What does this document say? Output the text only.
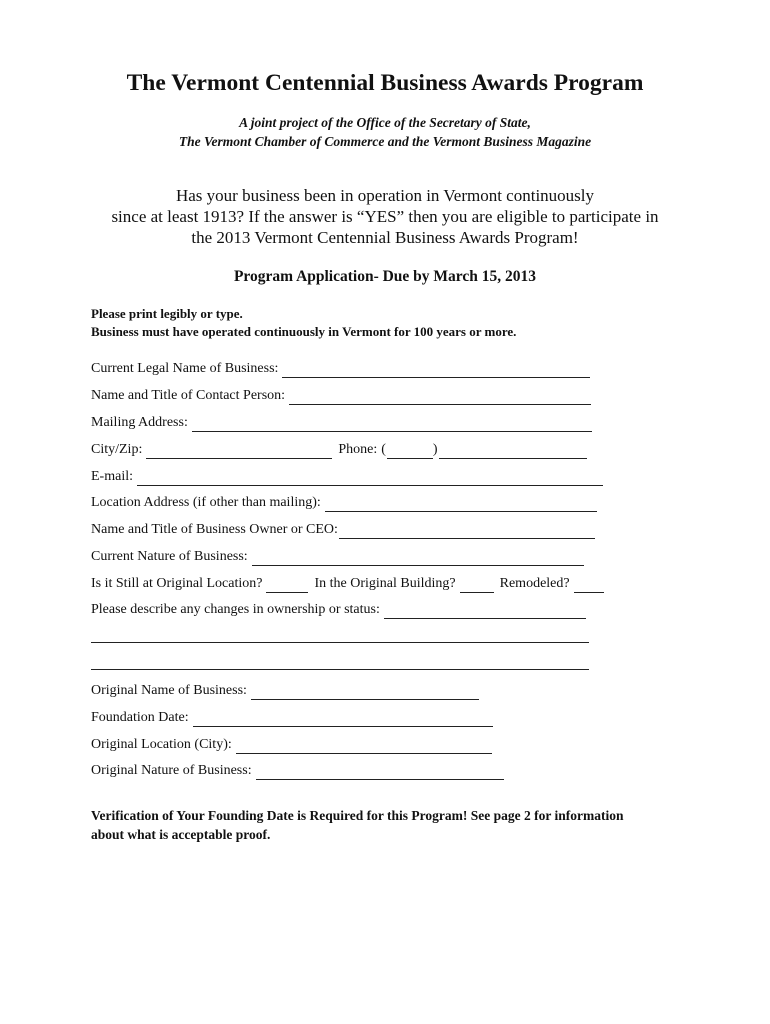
The Vermont Centennial Business Awards Program

A joint project of the Office of the Secretary of State,

The Vermont Chamber of Commerce and the Vermont Business Magazine

Has your business been in operation in Vermont continuously

since at least 1913? If the answer is “YES” then you are eligible to participate in

the 2013 Vermont Centennial Business Awards Program!

Program Application- Due by March 15, 2013

Please print legibly or type.

Business must have operated continuously in Vermont for 100 years or more.

Current Legal Name of Business:
Name and Title of Contact Person:
Mailing Address:
City/Zip:	Phone: (	)
E-mail:
Location Address (if other than mailing):
Name and Title of Business Owner or CEO:
Current Nature of Business:
Is it Still at Original Location?	In the Original Building?	Remodeled?
Please describe any changes in ownership or status:
Original Name of Business:
Foundation Date:
Original Location (City):
Original Nature of Business:

Verification of Your Founding Date is Required for this Program! See page 2 for information about what is acceptable proof.
